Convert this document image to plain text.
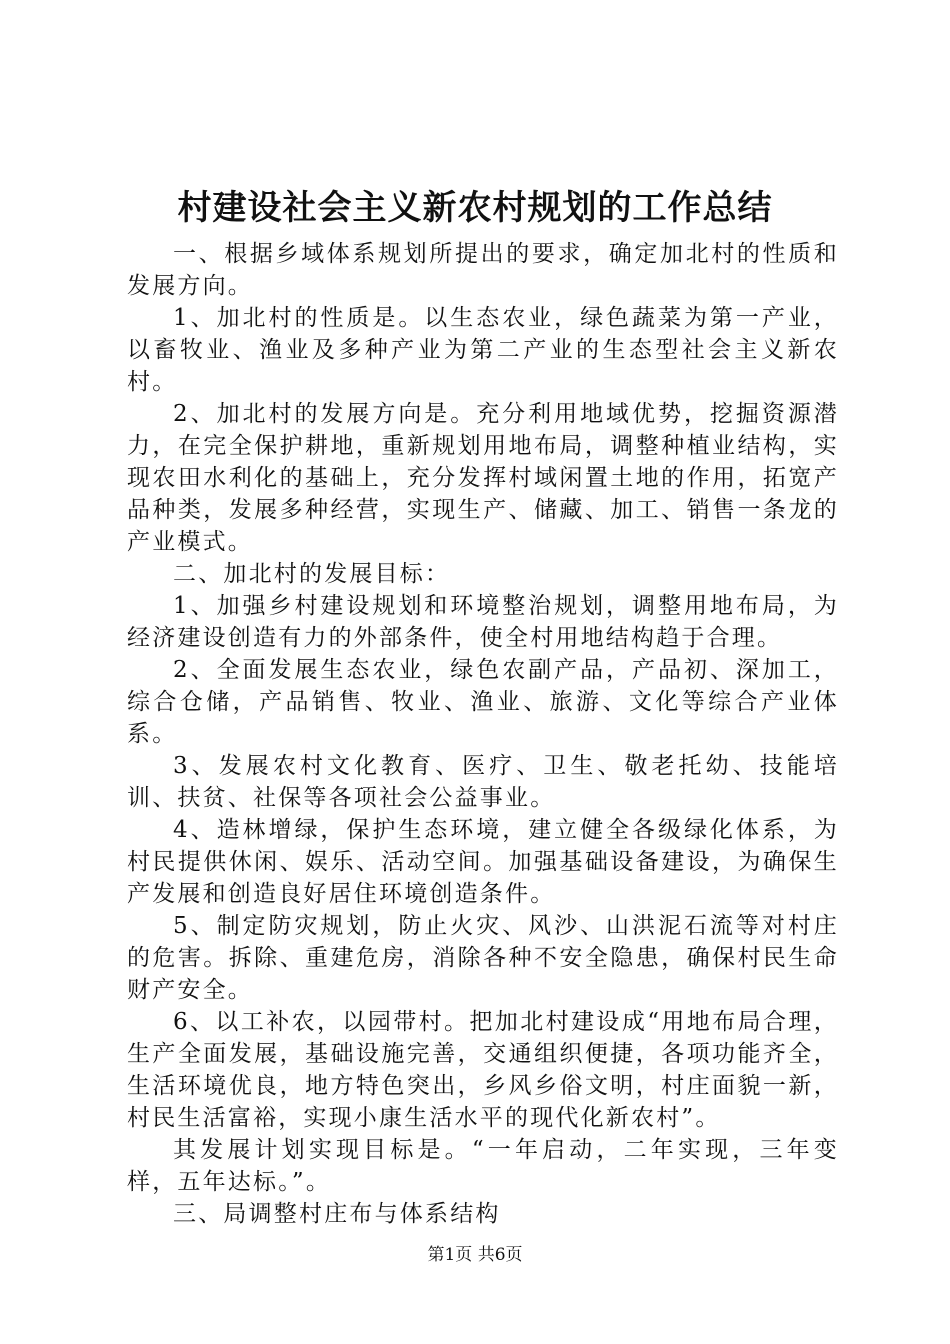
村建设社会主义新农村规划的工作总结

一、根据乡域体系规划所提出的要求，确定加北村的性质和发展方向。

1、加北村的性质是。以生态农业，绿色蔬菜为第一产业，以畜牧业、渔业及多种产业为第二产业的生态型社会主义新农村。

2、加北村的发展方向是。充分利用地域优势，挖掘资源潜力，在完全保护耕地，重新规划用地布局，调整种植业结构，实现农田水利化的基础上，充分发挥村域闲置土地的作用，拓宽产品种类，发展多种经营，实现生产、储藏、加工、销售一条龙的产业模式。

二、加北村的发展目标：

1、加强乡村建设规划和环境整治规划，调整用地布局，为经济建设创造有力的外部条件，使全村用地结构趋于合理。

2、全面发展生态农业，绿色农副产品，产品初、深加工，综合仓储，产品销售、牧业、渔业、旅游、文化等综合产业体系。

3、发展农村文化教育、医疗、卫生、敬老托幼、技能培训、扶贫、社保等各项社会公益事业。

4、造林增绿，保护生态环境，建立健全各级绿化体系，为村民提供休闲、娱乐、活动空间。加强基础设备建设，为确保生产发展和创造良好居住环境创造条件。

5、制定防灾规划，防止火灾、风沙、山洪泥石流等对村庄的危害。拆除、重建危房，消除各种不安全隐患，确保村民生命财产安全。

6、以工补农，以园带村。把加北村建设成“用地布局合理，生产全面发展，基础设施完善，交通组织便捷，各项功能齐全，生活环境优良，地方特色突出，乡风乡俗文明，村庄面貌一新，村民生活富裕，实现小康生活水平的现代化新农村”。

其发展计划实现目标是。“一年启动，二年实现，三年变样，五年达标。”。

三、局调整村庄布与体系结构

第1页 共6页
